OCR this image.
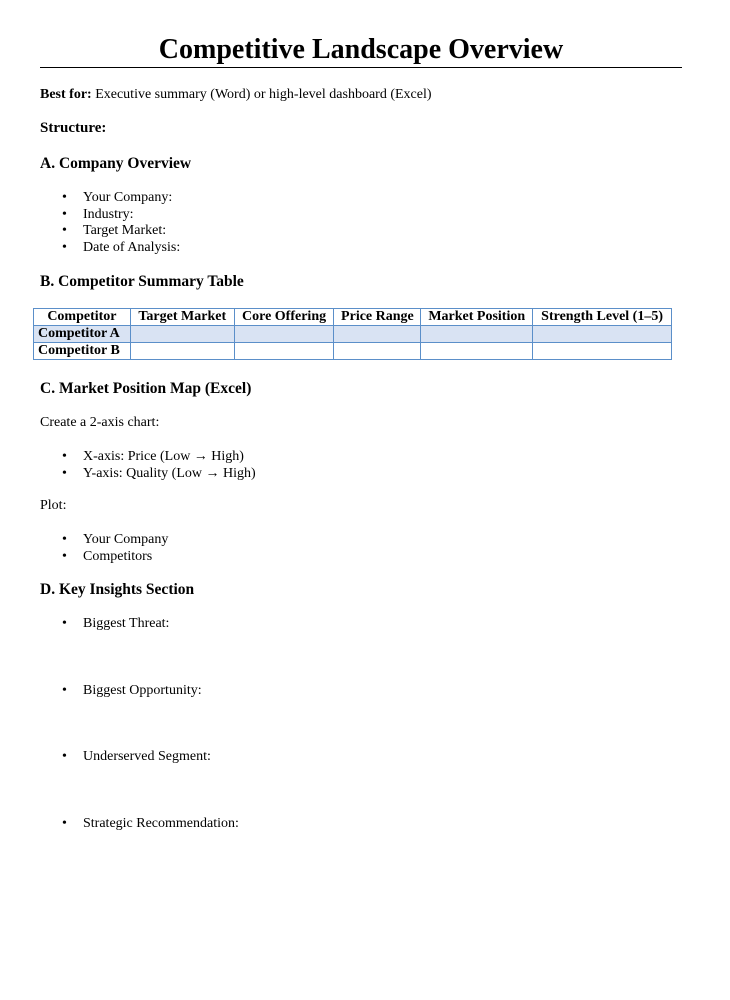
Competitive Landscape Overview
Best for: Executive summary (Word) or high-level dashboard (Excel)
Structure:
A. Company Overview
• Your Company:
• Industry:
• Target Market:
• Date of Analysis:
B. Competitor Summary Table
Competitor	Target Market	Core Offering	Price Range	Market Position	Strength Level (1–5)
Competitor A					
Competitor B					
C. Market Position Map (Excel)
Create a 2-axis chart:
• X-axis: Price (Low → High)
• Y-axis: Quality (Low → High)
Plot:
• Your Company
• Competitors
D. Key Insights Section
• Biggest Threat:
• Biggest Opportunity:
• Underserved Segment:
• Strategic Recommendation:
